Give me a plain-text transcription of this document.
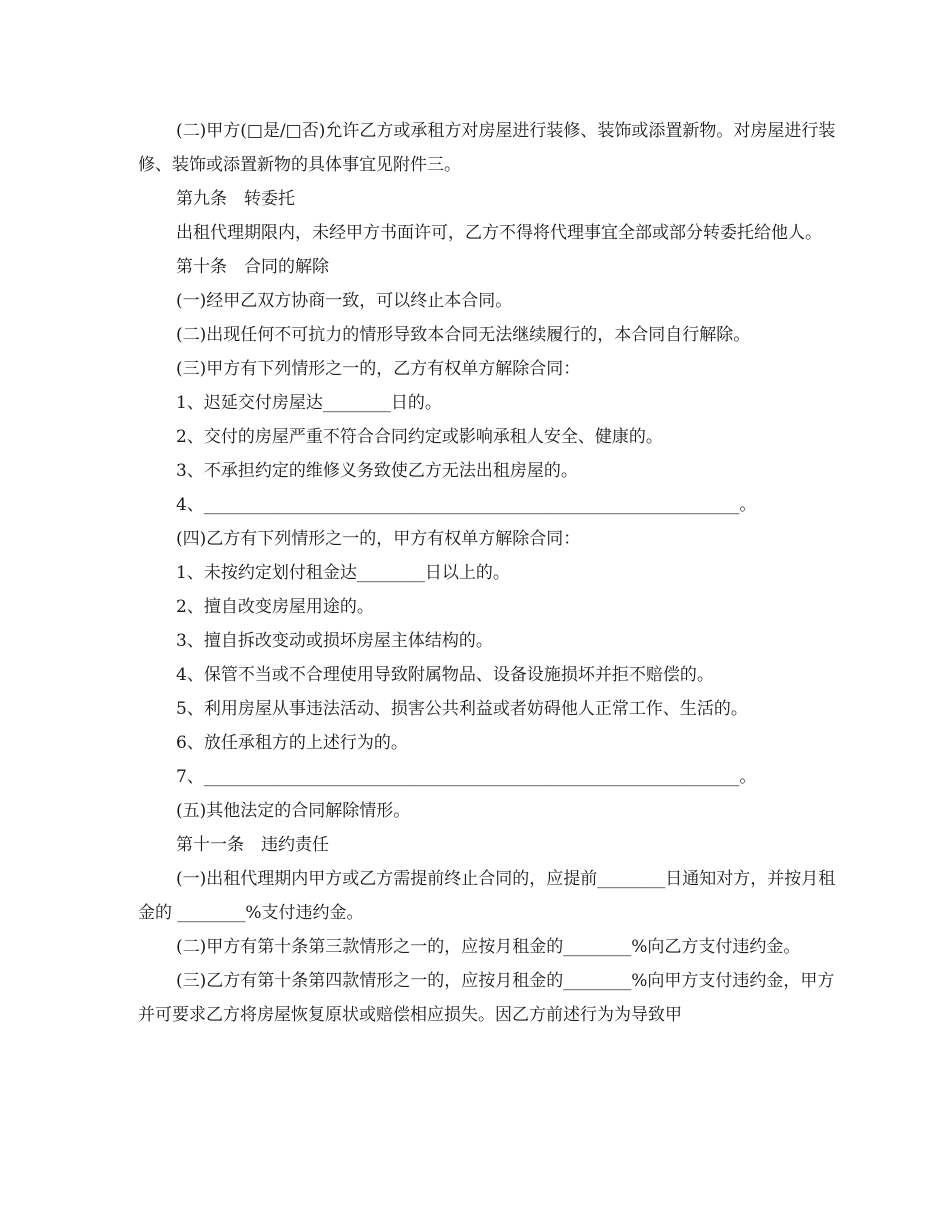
(二)甲方(□是/□否)允许乙方或承租方对房屋进行装修、装饰或添置新物。对房屋进行装修、装饰或添置新物的具体事宜见附件三。

第九条　转委托

出租代理期限内，未经甲方书面许可，乙方不得将代理事宜全部或部分转委托给他人。

第十条　合同的解除

(一)经甲乙双方协商一致，可以终止本合同。

(二)出现任何不可抗力的情形导致本合同无法继续履行的，本合同自行解除。

(三)甲方有下列情形之一的，乙方有权单方解除合同：

1、迟延交付房屋达________日的。

2、交付的房屋严重不符合合同约定或影响承租人安全、健康的。

3、不承担约定的维修义务致使乙方无法出租房屋的。

4、_______________________________________________________________。

(四)乙方有下列情形之一的，甲方有权单方解除合同：

1、未按约定划付租金达________日以上的。

2、擅自改变房屋用途的。

3、擅自拆改变动或损坏房屋主体结构的。

4、保管不当或不合理使用导致附属物品、设备设施损坏并拒不赔偿的。

5、利用房屋从事违法活动、损害公共利益或者妨碍他人正常工作、生活的。

6、放任承租方的上述行为的。

7、_______________________________________________________________。

(五)其他法定的合同解除情形。

第十一条　违约责任

(一)出租代理期内甲方或乙方需提前终止合同的，应提前________日通知对方，并按月租金的 ________%支付违约金。

(二)甲方有第十条第三款情形之一的，应按月租金的________%向乙方支付违约金。

(三)乙方有第十条第四款情形之一的，应按月租金的________%向甲方支付违约金，甲方并可要求乙方将房屋恢复原状或赔偿相应损失。因乙方前述行为为导致甲
